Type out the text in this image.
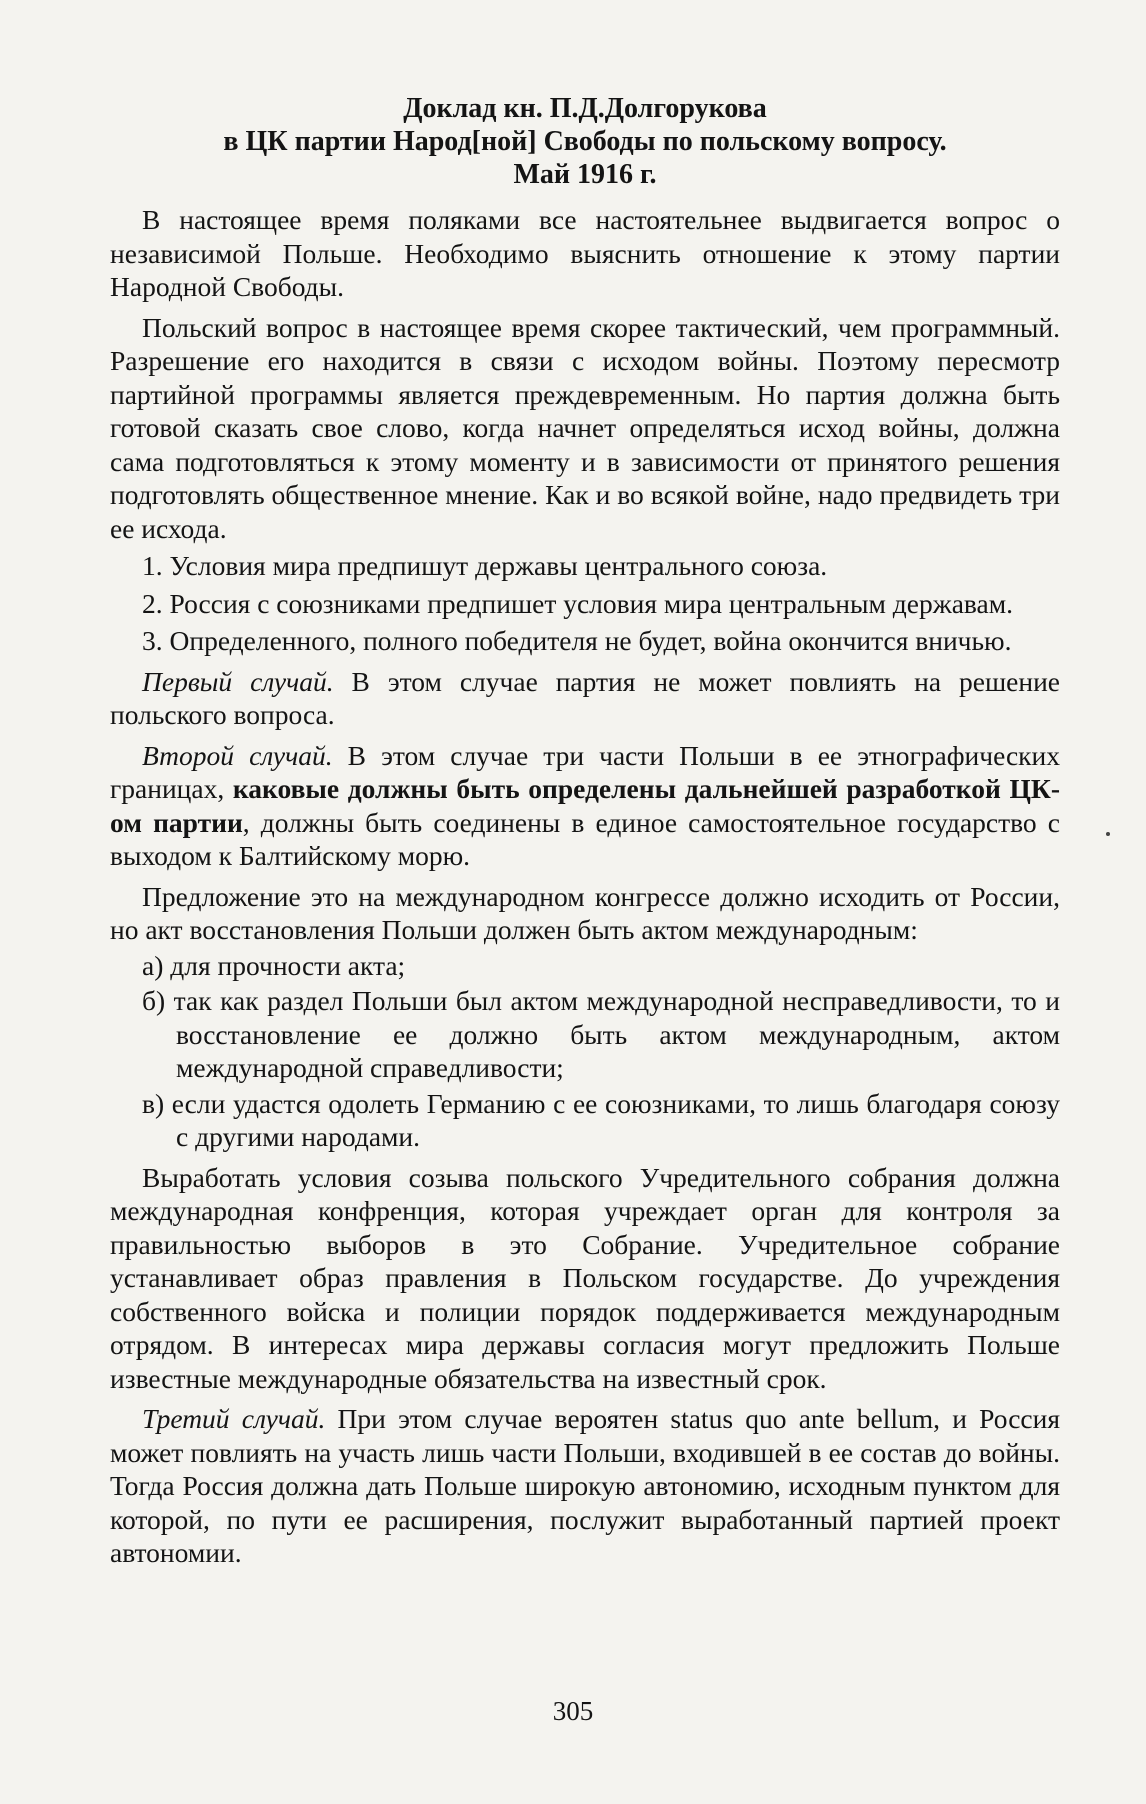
Доклад кн. П.Д.Долгорукова

в ЦК партии Народ[ной] Свободы по польскому вопросу.

Май 1916 г.

В настоящее время поляками все настоятельнее выдвигается вопрос о независимой Польше. Необходимо выяснить отношение к этому партии Народной Свободы.

Польский вопрос в настоящее время скорее тактический, чем программный. Разрешение его находится в связи с исходом войны. Поэтому пересмотр партийной программы является преждевременным. Но партия должна быть готовой сказать свое слово, когда начнет определяться исход войны, должна сама подготовляться к этому моменту и в зависимости от принятого решения подготовлять общественное мнение. Как и во всякой войне, надо предвидеть три ее исхода.

1. Условия мира предпишут державы центрального союза.

2. Россия с союзниками предпишет условия мира центральным державам.

3. Определенного, полного победителя не будет, война окончится вничью.

Первый случай. В этом случае партия не может повлиять на решение польского вопроса.

Второй случай. В этом случае три части Польши в ее этнографических границах, каковые должны быть определены дальнейшей разработкой ЦК-ом партии, должны быть соединены в единое самостоятельное государство с выходом к Балтийскому морю.

Предложение это на международном конгрессе должно исходить от России, но акт восстановления Польши должен быть актом международным:

а) для прочности акта;

б) так как раздел Польши был актом международной несправедливости, то и восстановление ее должно быть актом международным, актом международной справедливости;

в) если удастся одолеть Германию с ее союзниками, то лишь благодаря союзу с другими народами.

Выработать условия созыва польского Учредительного собрания должна международная конфренция, которая учреждает орган для контроля за правильностью выборов в это Собрание. Учредительное собрание устанавливает образ правления в Польском государстве. До учреждения собственного войска и полиции порядок поддерживается международным отрядом. В интересах мира державы согласия могут предложить Польше известные международные обязательства на известный срок.

Третий случай. При этом случае вероятен status quo ante bellum, и Россия может повлиять на участь лишь части Польши, входившей в ее состав до войны. Тогда Россия должна дать Польше широкую автономию, исходным пунктом для которой, по пути ее расширения, послужит выработанный партией проект автономии.

305
